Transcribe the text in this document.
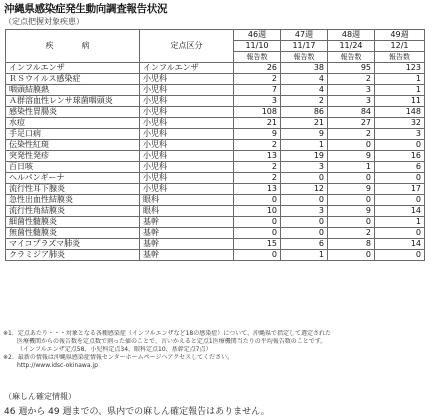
沖縄県感染症発生動向調査報告状況
（定点把握対象疾患）
疾　病	定点区分	46週	47週	48週	49週
		11/10	11/17	11/24	12/1
		報告数	報告数	報告数	報告数
インフルエンザ	インフルエンザ	26	38	95	123
ＲＳウイルス感染症	小児科	2	4	2	1
咽頭結膜熱	小児科	7	4	3	1
Ａ群溶血性レンサ球菌咽頭炎	小児科	3	2	3	11
感染性胃腸炎	小児科	108	86	84	148
水痘	小児科	21	21	27	32
手足口病	小児科	9	9	2	3
伝染性紅斑	小児科	2	1	0	0
突発性発疹	小児科	13	19	9	16
百日咳	小児科	2	3	1	6
ヘルパンギーナ	小児科	2	0	0	0
流行性耳下腺炎	小児科	13	12	9	17
急性出血性結膜炎	眼科	0	0	0	0
流行性角結膜炎	眼科	10	3	9	14
細菌性髄膜炎	基幹	0	0	0	1
無菌性髄膜炎	基幹	0	0	2	0
マイコプラズマ肺炎	基幹	15	6	8	14
クラミジア肺炎	基幹	0	1	0	0
※1．定点あたり・・・対象となる各種感染症（インフルエンザなど18の感染症）について、沖縄県で指定して選定された
医療機関からの報告数を定点数で割った値のことで、言いかえると定点1医療機関当たりの平均報告数のことです。
（インフルエンザ定点58、小児科定点34、眼科定点10、基幹定点7点）
※2．最新の情報は沖縄県感染症情報センターホームページへアクセスしてください。
http://www.idsc-okinawa.jp
（麻しん確定情報）
46 週から 49 週までの、県内での麻しん確定報告はありません。
